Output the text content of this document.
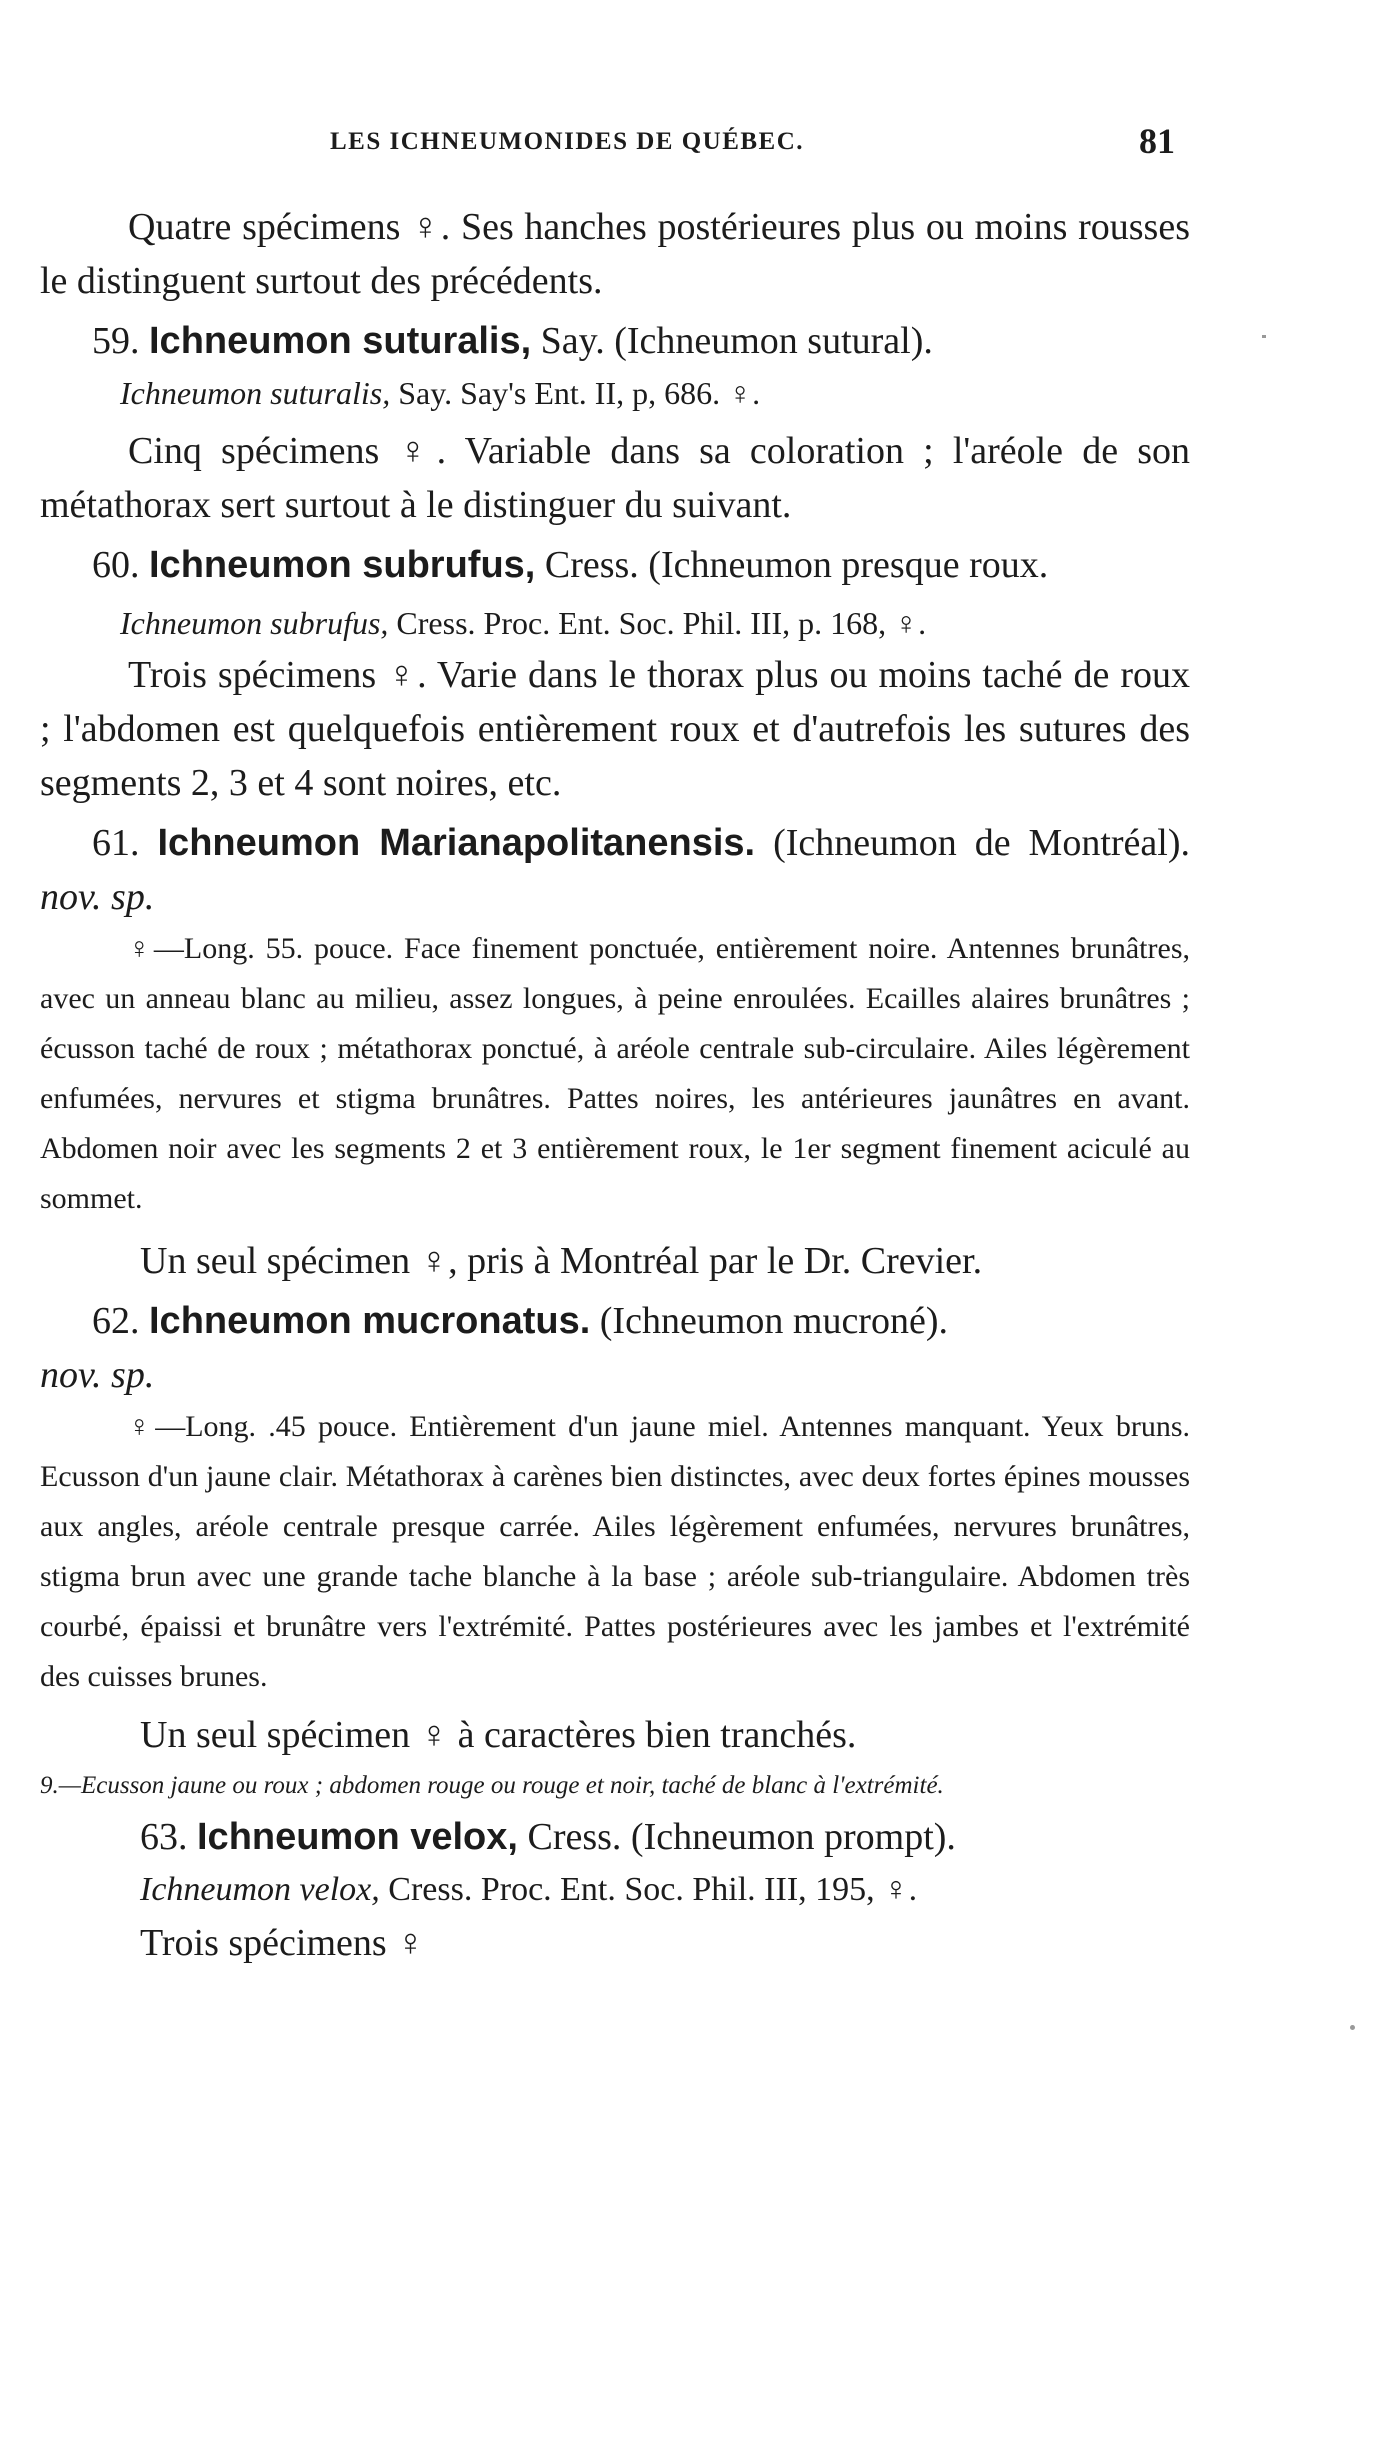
LES ICHNEUMONIDES DE QUÉBEC.	81

Quatre spécimens ♀. Ses hanches postérieures plus ou moins rousses le distinguent surtout des précédents.

59. Ichneumon suturalis, Say. (Ichneumon sutural).

Ichneumon suturalis, Say. Say's Ent. II, p, 686. ♀.

Cinq spécimens ♀. Variable dans sa coloration ; l'aréole de son métathorax sert surtout à le distinguer du suivant.

60. Ichneumon subrufus, Cress. (Ichneumon presque roux.

Ichneumon subrufus, Cress. Proc. Ent. Soc. Phil. III, p. 168, ♀.

Trois spécimens ♀. Varie dans le thorax plus ou moins taché de roux ; l'abdomen est quelquefois entièrement roux et d'autrefois les sutures des segments 2, 3 et 4 sont noires, etc.

61. Ichneumon Marianapolitanensis. (Ichneumon de Montréal). nov. sp.

♀—Long. 55. pouce. Face finement ponctuée, entièrement noire. Antennes brunâtres, avec un anneau blanc au milieu, assez longues, à peine enroulées. Ecailles alaires brunâtres ; écusson taché de roux ; métathorax ponctué, à aréole centrale sub-circulaire. Ailes légèrement enfumées, nervures et stigma brunâtres. Pattes noires, les antérieures jaunâtres en avant. Abdomen noir avec les segments 2 et 3 entièrement roux, le 1er segment finement aciculé au sommet.

Un seul spécimen ♀, pris à Montréal par le Dr. Crevier.

62. Ichneumon mucronatus. (Ichneumon mucroné).
nov. sp.

♀—Long. .45 pouce. Entièrement d'un jaune miel. Antennes manquant. Yeux bruns. Ecusson d'un jaune clair. Métathorax à carènes bien distinctes, avec deux fortes épines mousses aux angles, aréole centrale presque carrée. Ailes légèrement enfumées, nervures brunâtres, stigma brun avec une grande tache blanche à la base ; aréole sub-triangulaire. Abdomen très courbé, épaissi et brunâtre vers l'extrémité. Pattes postérieures avec les jambes et l'extrémité des cuisses brunes.

Un seul spécimen ♀ à caractères bien tranchés.

9.—Ecusson jaune ou roux ; abdomen rouge ou rouge et noir, taché de blanc à l'extrémité.

63. Ichneumon velox, Cress. (Ichneumon prompt).

Ichneumon velox, Cress. Proc. Ent. Soc. Phil. III, 195, ♀.

Trois spécimens ♀
